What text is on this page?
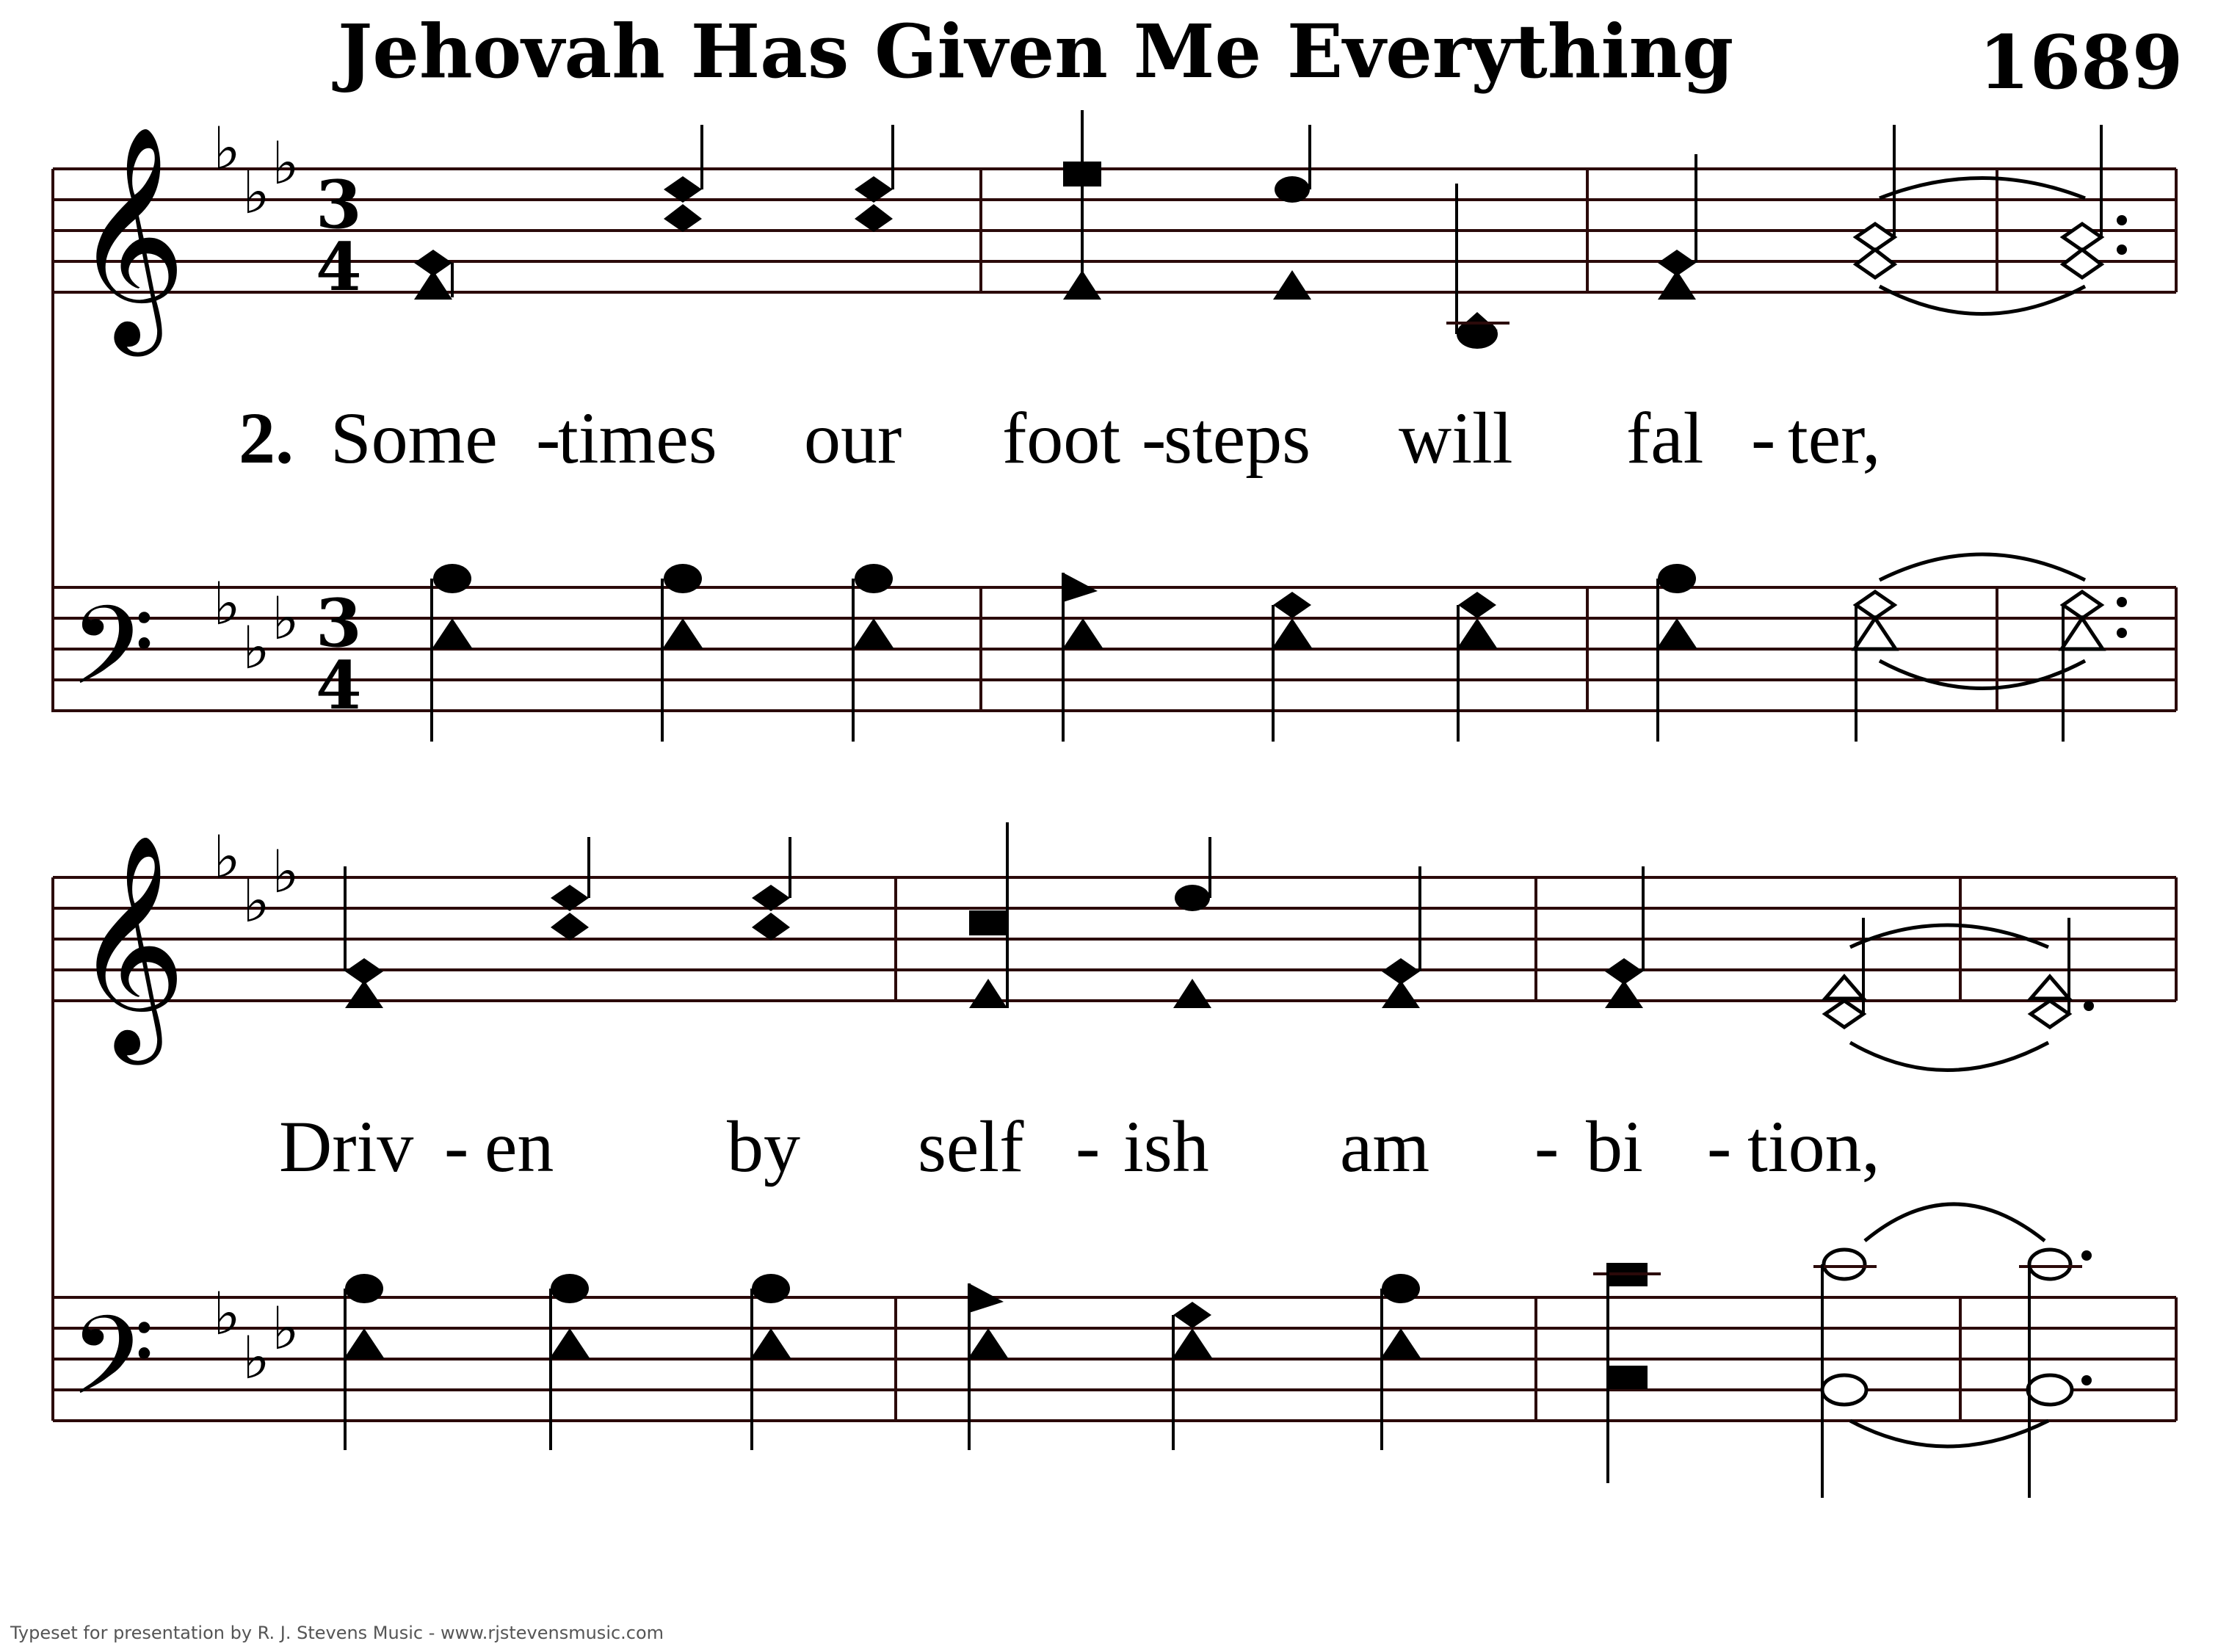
Jehovah Has Given Me Everything	1689
𝄞 ♭
♭ ♭
3
4
2. Some -
times our foot -
steps will fal - ter,
𝄢 ♭
♭ ♭ 3
4
𝄞 ♭
♭ ♭
Driv - en by self - ish am - bi - tion,
𝄢 ♭
♭ ♭
Typeset for presentation by R. J. Stevens Music - www.rjstevensmusic.com
